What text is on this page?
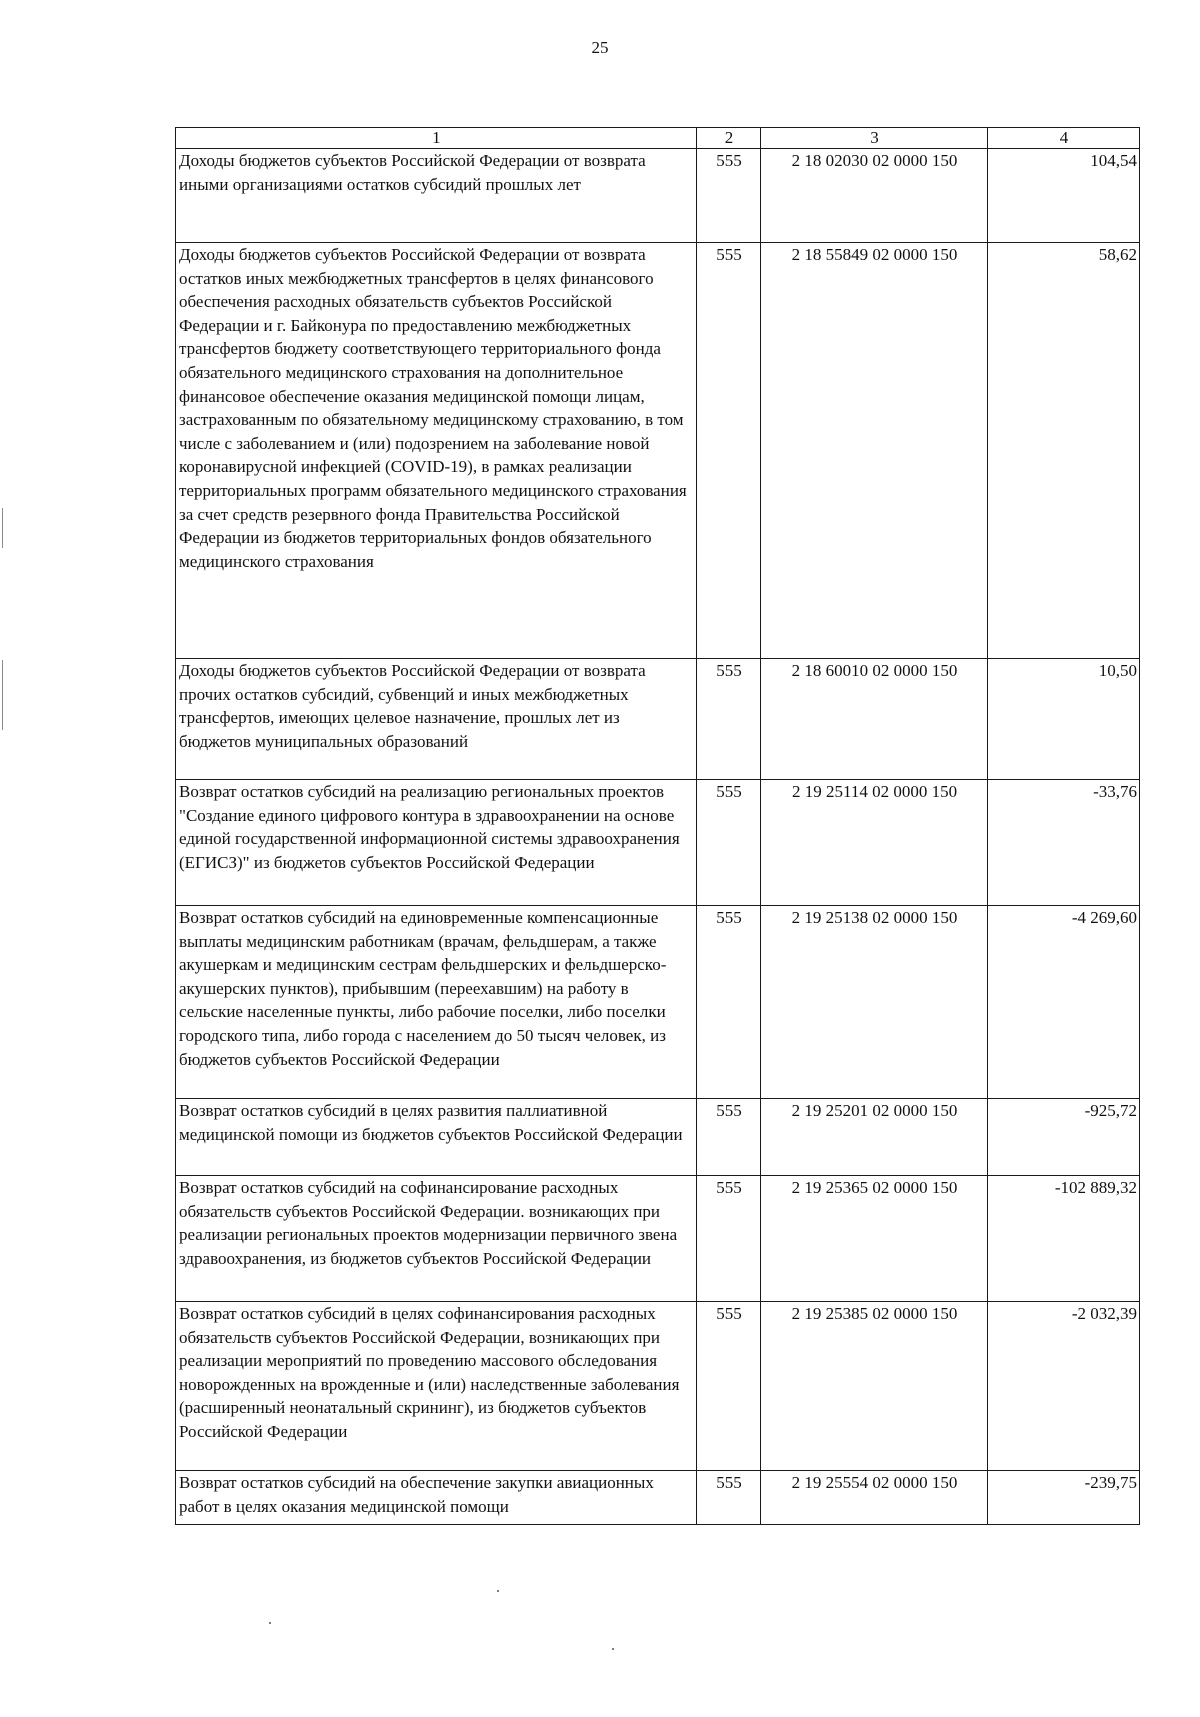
25
1	2	3	4
Доходы бюджетов субъектов Российской Федерации от возврата иными организациями остатков субсидий прошлых лет	555	2 18 02030 02 0000 150	104,54
Доходы бюджетов субъектов Российской Федерации от возврата остатков иных межбюджетных трансфертов в целях финансового обеспечения расходных обязательств субъектов Российской Федерации и г. Байконура по предоставлению межбюджетных трансфертов бюджету соответствующего территориального фонда обязательного медицинского страхования на дополнительное финансовое обеспечение оказания медицинской помощи лицам, застрахованным по обязательному медицинскому страхованию, в том числе с заболеванием и (или) подозрением на заболевание новой коронавирусной инфекцией (COVID-19), в рамках реализации территориальных программ обязательного медицинского страхования за счет средств резервного фонда Правительства Российской Федерации из бюджетов территориальных фондов обязательного медицинского страхования	555	2 18 55849 02 0000 150	58,62
Доходы бюджетов субъектов Российской Федерации от возврата прочих остатков субсидий, субвенций и иных межбюджетных трансфертов, имеющих целевое назначение, прошлых лет из бюджетов муниципальных образований	555	2 18 60010 02 0000 150	10,50
Возврат остатков субсидий на реализацию региональных проектов "Создание единого цифрового контура в здравоохранении на основе единой государственной информационной системы здравоохранения (ЕГИСЗ)" из бюджетов субъектов Российской Федерации	555	2 19 25114 02 0000 150	-33,76
Возврат остатков субсидий на единовременные компенсационные выплаты медицинским работникам (врачам, фельдшерам, а также акушеркам и медицинским сестрам фельдшерских и фельдшерско-акушерских пунктов), прибывшим (переехавшим) на работу в сельские населенные пункты, либо рабочие поселки, либо поселки городского типа, либо города с населением до 50 тысяч человек, из бюджетов субъектов Российской Федерации	555	2 19 25138 02 0000 150	-4 269,60
Возврат остатков субсидий в целях развития паллиативной медицинской помощи из бюджетов субъектов Российской Федерации	555	2 19 25201 02 0000 150	-925,72
Возврат остатков субсидий на софинансирование расходных обязательств субъектов Российской Федерации. возникающих при реализации региональных проектов модернизации первичного звена здравоохранения, из бюджетов субъектов Российской Федерации	555	2 19 25365 02 0000 150	-102 889,32
Возврат остатков субсидий в целях софинансирования расходных обязательств субъектов Российской Федерации, возникающих при реализации мероприятий по проведению массового обследования новорожденных на врожденные и (или) наследственные заболевания (расширенный неонатальный скрининг), из бюджетов субъектов Российской Федерации	555	2 19 25385 02 0000 150	-2 032,39
Возврат остатков субсидий на обеспечение закупки авиационных работ в целях оказания медицинской помощи	555	2 19 25554 02 0000 150	-239,75
